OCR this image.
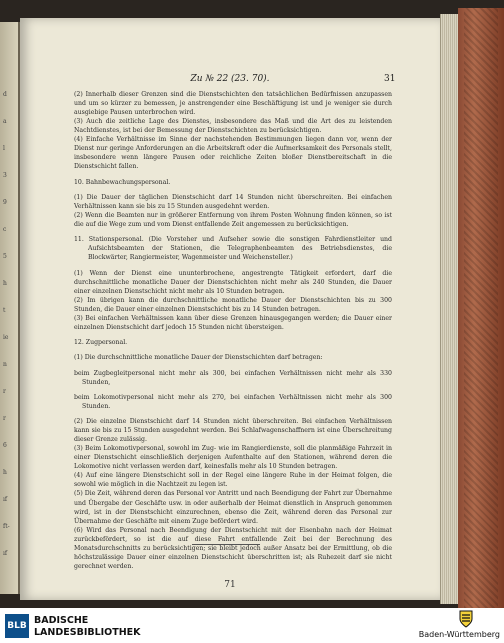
d
a
l
3
9
c
5
h
t
ie
n
r
r
6
h
ıf
ft-
ıf
Zu № 22 (23. 70).	31

(2) Innerhalb dieser Grenzen sind die Dienstschichten den tatsächlichen Bedürfnissen anzupassen und um so kürzer zu bemessen, je anstrengender eine Beschäftigung ist und je weniger sie durch ausgiebige Pausen unterbrochen wird.

(3) Auch die zeitliche Lage des Dienstes, insbesondere das Maß und die Art des zu leistenden Nachtdienstes, ist bei der Bemessung der Dienstschichten zu berücksichtigen.

(4) Einfache Verhältnisse im Sinne der nachstehenden Bestimmungen liegen dann vor, wenn der Dienst nur geringe Anforderungen an die Arbeitskraft oder die Aufmerksamkeit des Personals stellt, insbesondere wenn längere Pausen oder reichliche Zeiten bloßer Dienstbereitschaft in die Dienstschicht fallen.

10. Bahnbewachungspersonal.

(1) Die Dauer der täglichen Dienstschicht darf 14 Stunden nicht überschreiten. Bei einfachen Verhältnissen kann sie bis zu 15 Stunden ausgedehnt werden.

(2) Wenn die Beamten nur in größerer Entfernung von ihrem Posten Wohnung finden können, so ist die auf die Wege zum und vom Dienst entfallende Zeit angemessen zu berücksichtigen.

11. Stationspersonal. (Die Vorsteher und Aufseher sowie die sonstigen Fahrdienstleiter und Aufsichtsbeamten der Stationen, die Telegraphenbeamten des Betriebsdienstes, die Blockwärter, Rangiermeister, Wagenmeister und Weichensteller.)

(1) Wenn der Dienst eine ununterbrochene, angestrengte Tätigkeit erfordert, darf die durchschnittliche monatliche Dauer der Dienstschichten nicht mehr als 240 Stunden, die Dauer einer einzelnen Dienstschicht nicht mehr als 10 Stunden betragen.

(2) Im übrigen kann die durchschnittliche monatliche Dauer der Dienstschichten bis zu 300 Stunden, die Dauer einer einzelnen Dienstschicht bis zu 14 Stunden betragen.

(3) Bei einfachen Verhältnissen kann über diese Grenzen hinausgegangen werden; die Dauer einer einzelnen Dienstschicht darf jedoch 15 Stunden nicht übersteigen.

12. Zugpersonal.

(1) Die durchschnittliche monatliche Dauer der Dienstschichten darf betragen:

beim Zugbegleitpersonal nicht mehr als 300, bei einfachen Verhältnissen nicht mehr als 330 Stunden,

beim Lokomotivpersonal nicht mehr als 270, bei einfachen Verhältnissen nicht mehr als 300 Stunden.

(2) Die einzelne Dienstschicht darf 14 Stunden nicht überschreiten. Bei einfachen Verhältnissen kann sie bis zu 15 Stunden ausgedehnt werden. Bei Schlafwagenschaffnern ist eine Überschreitung dieser Grenze zulässig.

(3) Beim Lokomotivpersonal, sowohl im Zug- wie im Rangierdienste, soll die planmäßige Fahrzeit in einer Dienstschicht einschließlich derjenigen Aufenthalte auf den Stationen, während deren die Lokomotive nicht verlassen werden darf, keinesfalls mehr als 10 Stunden betragen.

(4) Auf eine längere Dienstschicht soll in der Regel eine längere Ruhe in der Heimat folgen, die sowohl wie möglich in die Nachtzeit zu legen ist.

(5) Die Zeit, während deren das Personal vor Antritt und nach Beendigung der Fahrt zur Übernahme und Übergabe der Geschäfte usw. in oder außerhalb der Heimat dienstlich in Anspruch genommen wird, ist in der Dienstschicht einzurechnen, ebenso die Zeit, während deren das Personal zur Übernahme der Geschäfte mit einem Zuge befördert wird.

(6) Wird das Personal nach Beendigung der Dienstschicht mit der Eisenbahn nach der Heimat zurückbefördert, so ist die auf diese Fahrt entfallende Zeit bei der Berechnung des Monatsdurchschnitts zu berücksichtigen; sie bleibt jedoch außer Ansatz bei der Ermittlung, ob die höchstzulässige Dauer einer einzelnen Dienstschicht überschritten ist; als Ruhezeit darf sie nicht gerechnet werden.

71
BLB BADISCHE
LANDESBIBLIOTHEK	Baden-Württemberg
